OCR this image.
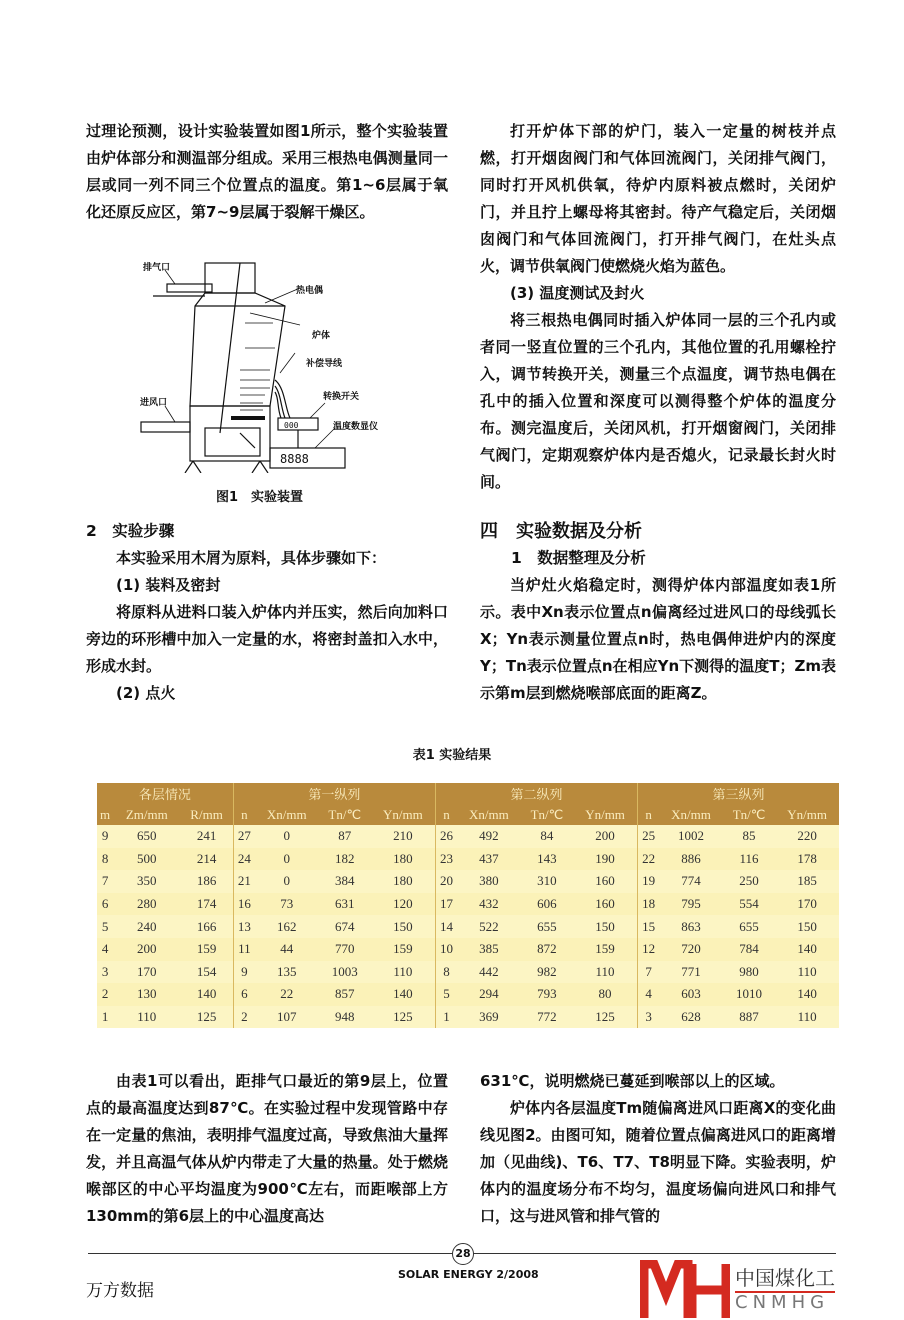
过理论预测，设计实验装置如图1所示，整个实验装置由炉体部分和测温部分组成。采用三根热电偶测量同一层或同一列不同三个位置点的温度。第1~6层属于氧化还原反应区，第7~9层属于裂解干燥区。

8888
000
排气口
热电偶
炉体
补偿导线
转换开关
进风口
温度数显仪
图1　实验装置

2　实验步骤

本实验采用木屑为原料，具体步骤如下：

(1) 装料及密封

将原料从进料口装入炉体内并压实，然后向加料口旁边的环形槽中加入一定量的水，将密封盖扣入水中，形成水封。

(2) 点火

打开炉体下部的炉门，装入一定量的树枝并点燃，打开烟囱阀门和气体回流阀门，关闭排气阀门，同时打开风机供氧，待炉内原料被点燃时，关闭炉门，并且拧上螺母将其密封。待产气稳定后，关闭烟囱阀门和气体回流阀门，打开排气阀门，在灶头点火，调节供氧阀门使燃烧火焰为蓝色。

(3) 温度测试及封火

将三根热电偶同时插入炉体同一层的三个孔内或者同一竖直位置的三个孔内，其他位置的孔用螺栓拧入，调节转换开关，测量三个点温度，调节热电偶在孔中的插入位置和深度可以测得整个炉体的温度分布。测完温度后，关闭风机，打开烟窗阀门，关闭排气阀门，定期观察炉体内是否熄火，记录最长封火时间。

四　实验数据及分析

1　数据整理及分析

当炉灶火焰稳定时，测得炉体内部温度如表1所示。表中Xn表示位置点n偏离经过进风口的母线弧长X；Yn表示测量位置点n时，热电偶伸进炉内的深度Y；Tn表示位置点n在相应Yn下测得的温度T；Zm表示第m层到燃烧喉部底面的距离Z。

表1 实验结果
各层情况			第一纵列				第二纵列				第三纵列			
m	Zm/mm	R/mm	n	Xn/mm	Tn/℃	Yn/mm	n	Xn/mm	Tn/℃	Yn/mm	n	Xn/mm	Tn/℃	Yn/mm
9	650	241	27	0	87	210	26	492	84	200	25	1002	85	220
8	500	214	24	0	182	180	23	437	143	190	22	886	116	178
7	350	186	21	0	384	180	20	380	310	160	19	774	250	185
6	280	174	16	73	631	120	17	432	606	160	18	795	554	170
5	240	166	13	162	674	150	14	522	655	150	15	863	655	150
4	200	159	11	44	770	159	10	385	872	159	12	720	784	140
3	170	154	9	135	1003	110	8	442	982	110	7	771	980	110
2	130	140	6	22	857	140	5	294	793	80	4	603	1010	140
1	110	125	2	107	948	125	1	369	772	125	3	628	887	110

由表1可以看出，距排气口最近的第9层上，位置点的最高温度达到87℃。在实验过程中发现管路中存在一定量的焦油，表明排气温度过高，导致焦油大量挥发，并且高温气体从炉内带走了大量的热量。处于燃烧喉部区的中心平均温度为900℃左右，而距喉部上方130mm的第6层上的中心温度高达

631℃，说明燃烧已蔓延到喉部以上的区域。

炉体内各层温度Tm随偏离进风口距离X的变化曲线见图2。由图可知，随着位置点偏离进风口的距离增加（见曲线)、T6、T7、T8明显下降。实验表明，炉体内的温度场分布不均匀，温度场偏向进风口和排气口，这与进风管和排气管的

28
SOLAR ENERGY 2/2008
万方数据
中国煤化工
CNMHG
